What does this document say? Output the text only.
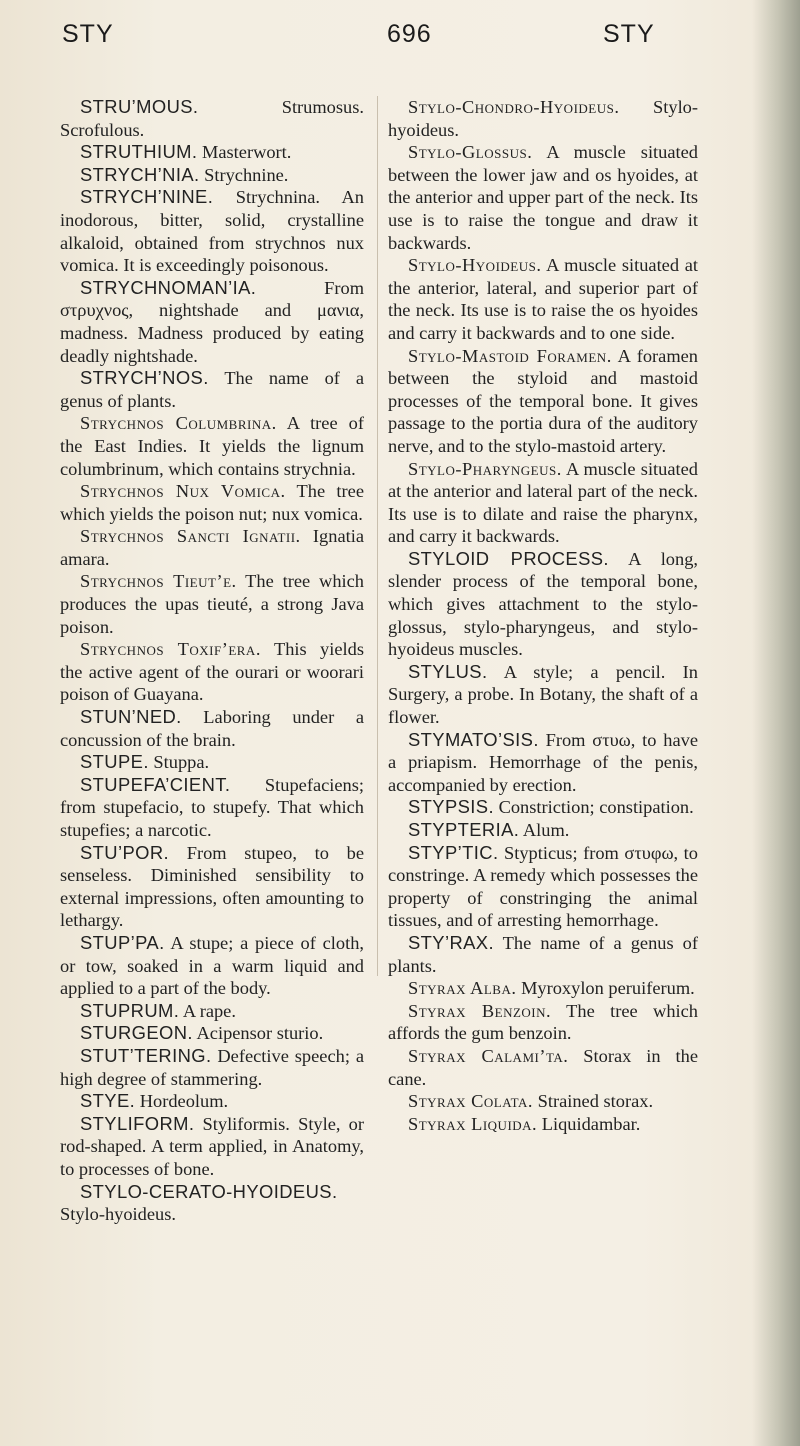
STY	696	STY

STRU’MOUS. Strumosus. Scrofulous.

STRUTHIUM. Masterwort.

STRYCH’NIA. Strychnine.

STRYCH’NINE. Strychnina. An inodorous, bitter, solid, crystalline alkaloid, obtained from strychnos nux vomica. It is exceedingly poisonous.

STRYCHNOMAN’IA. From στρυχνος, nightshade and μανια, madness. Madness produced by eating deadly nightshade.

STRYCH’NOS. The name of a genus of plants.

Strychnos Columbrina. A tree of the East Indies. It yields the lignum columbrinum, which contains strychnia.

Strychnos Nux Vomica. The tree which yields the poison nut; nux vomica.

Strychnos Sancti Ignatii. Ignatia amara.

Strychnos Tieut’e. The tree which produces the upas tieuté, a strong Java poison.

Strychnos Toxif’era. This yields the active agent of the ourari or woorari poison of Guayana.

STUN’NED. Laboring under a concussion of the brain.

STUPE. Stuppa.

STUPEFA’CIENT. Stupefaciens; from stupefacio, to stupefy. That which stupefies; a narcotic.

STU’POR. From stupeo, to be senseless. Diminished sensibility to external impressions, often amounting to lethargy.

STUP’PA. A stupe; a piece of cloth, or tow, soaked in a warm liquid and applied to a part of the body.

STUPRUM. A rape.

STURGEON. Acipensor sturio.

STUT’TERING. Defective speech; a high degree of stammering.

STYE. Hordeolum.

STYLIFORM. Styliformis. Style, or rod-shaped. A term applied, in Anatomy, to processes of bone.

STYLO-CERATO-HYOIDEUS. Stylo-hyoideus.

Stylo-Chondro-Hyoideus. Stylo-hyoideus.

Stylo-Glossus. A muscle situated between the lower jaw and os hyoides, at the anterior and upper part of the neck. Its use is to raise the tongue and draw it backwards.

Stylo-Hyoideus. A muscle situated at the anterior, lateral, and superior part of the neck. Its use is to raise the os hyoides and carry it backwards and to one side.

Stylo-Mastoid Foramen. A foramen between the styloid and mastoid processes of the temporal bone. It gives passage to the portia dura of the auditory nerve, and to the stylo-mastoid artery.

Stylo-Pharyngeus. A muscle situated at the anterior and lateral part of the neck. Its use is to dilate and raise the pharynx, and carry it backwards.

STYLOID PROCESS. A long, slender process of the temporal bone, which gives attachment to the stylo-glossus, stylo-pharyngeus, and stylo-hyoideus muscles.

STYLUS. A style; a pencil. In Surgery, a probe. In Botany, the shaft of a flower.

STYMATO’SIS. From στυω, to have a priapism. Hemorrhage of the penis, accompanied by erection.

STYPSIS. Constriction; constipation.

STYPTERIA. Alum.

STYP’TIC. Stypticus; from στυφω, to constringe. A remedy which possesses the property of constringing the animal tissues, and of arresting hemorrhage.

STY’RAX. The name of a genus of plants.

Styrax Alba. Myroxylon peruiferum.

Styrax Benzoin. The tree which affords the gum benzoin.

Styrax Calami’ta. Storax in the cane.

Styrax Colata. Strained storax.

Styrax Liquida. Liquidambar.
